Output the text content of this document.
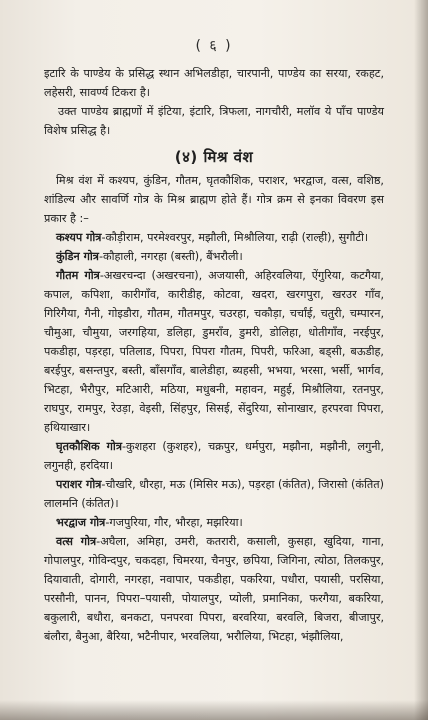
( ६ )

इटारि के पाण्डेय के प्रसिद्ध स्थान अभिलडीहा, चारपानी, पाण्डेय का सरया, रकहट, लहेसरी, सावर्ण्य टिकरा है।

उक्त पाण्डेय ब्राह्मणों में इंटिया, इंटारि, त्रिफला, नागचौरी, मलॉव ये पाँच पाण्डेय विशेष प्रसिद्ध है।

(४) मिश्र वंश

मिश्र वंश में कश्यप, कुंडिन, गौतम, घृतकौशिक, पराशर, भरद्वाज, वत्स, वशिष्ठ, शांडिल्य और सावर्णि गोत्र के मिश्र ब्राह्मण होते हैं। गोत्र क्रम से इनका विवरण इस प्रकार है :–

कश्यप गोत्र-कौड़ीराम, परमेश्वरपुर, मझौली, मिश्रौलिया, राढ़ी (राल्ही), सुगौटी।

कुंडिन गोत्र-कौहाली, नगरहा (बस्ती), बैंभरौली।

गौतम गोत्र-अखरचन्दा (अखरचना), अजयासी, अहिरवलिया, ऐंगुरिया, कटगैया, कपाल, कपिशा, कारीगाँव, कारीडीह, कोटवा, खदरा, खरगपुरा, खरउर गाँव, गिरिगैया, गैनी, गोइडौरा, गौतम, गौतमपुर, चउरहा, चकौड़ा, चर्चांई, चतुरी, चम्पारन, चौमुआ, चौमुया, जरगहिया, डलिहा, डुमराँव, डुमरी, डोलिहा, धोतीगाँव, नरईपुर, पकडीहा, पड़रहा, पतिलाड, पिपरा, पिपरा गौतम, पिपरी, फरिआ, बड्सी, बऊडीह, बरईपुर, बसन्तपुर, बस्ती, बाँसगाँव, बालेडीहा, ब्यहसी, भभया, भरसा, भर्सी, भार्गव, भिटहा, भैरौपुर, मटिआरी, मठिया, मधुबनी, महावन, महुई, मिश्रौलिया, रतनपुर, राघपुर, रामपुर, रेउड़ा, वेइसी, सिंहपुर, सिसई, सेंदुरिया, सोनाखार, हरपरवा पिपरा, हथियाखार।

घृतकौशिक गोत्र-कुशहरा (कुशहर), चक्रपुर, धर्मपुरा, मझौना, मझौनी, लगुनी, लगुनही, हरदिया।

पराशर गोत्र-चौखरि, धौरहा, मऊ (मिसिर मऊ), पड़रहा (कंतित), जिरासो (कंतित) लालमनि (कंतित)।

भरद्वाज गोत्र-गजपुरिया, गौर, भौरहा, मझरिया।

वत्स गोत्र-अघैला, अमिहा, उमरी, कतरारी, कसाली, कुसहा, खुदिया, गाना, गोपालपुर, गोविन्दपुर, चकदहा, चिमरया, चैनपुर, छपिया, जिगिना, त्योठा, तिलकपुर, दियावाती, दोगारी, नगरहा, नवापार, पकडीहा, पकरिया, पधौरा, पयासी, परसिया, परसौनी, पानन, पिपरा–पयासी, पोयालपुर, प्योली, प्रमानिका, फरगैया, बकरिया, बकुलारी, बधौरा, बनकटा, पनपरवा पिपरा, बरवरिया, बरवलि, बिजरा, बीजापुर, बंलौरा, बैनुआ, बैरिया, भटैनीपार, भरवलिया, भरौलिया, भिटहा, भंझौलिया,
